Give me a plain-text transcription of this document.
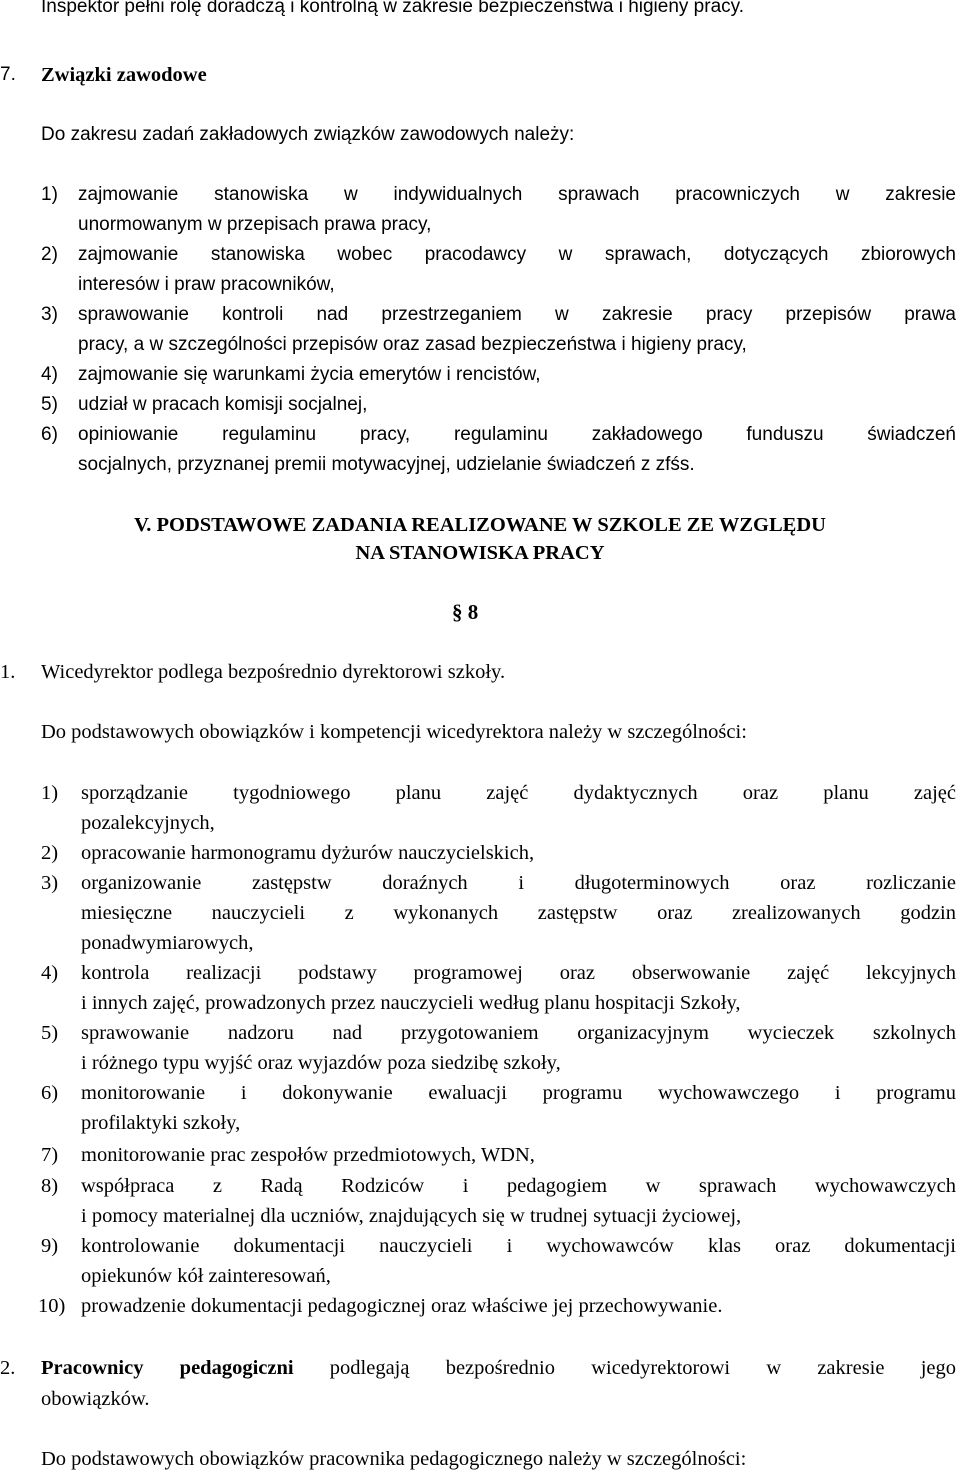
Inspektor pełni rolę doradczą i kontrolną w zakresie bezpieczeństwa i higieny pracy.
7. Związki zawodowe
Do zakresu zadań zakładowych związków zawodowych należy:
1) zajmowanie stanowiska w indywidualnych sprawach pracowniczych w zakresie
unormowanym w przepisach prawa pracy,
2) zajmowanie stanowiska wobec pracodawcy w sprawach, dotyczących zbiorowych
interesów i praw pracowników,
3) sprawowanie kontroli nad przestrzeganiem w zakresie pracy przepisów prawa
pracy, a w szczególności przepisów oraz zasad bezpieczeństwa i higieny pracy,
4) zajmowanie się warunkami życia emerytów i rencistów,
5) udział w pracach komisji socjalnej,
6) opiniowanie regulaminu pracy, regulaminu zakładowego funduszu świadczeń
socjalnych, przyznanej premii motywacyjnej, udzielanie świadczeń z zfśs.
V. PODSTAWOWE ZADANIA REALIZOWANE W SZKOLE ZE WZGLĘDU
NA STANOWISKA PRACY
§ 8
1. Wicedyrektor podlega bezpośrednio dyrektorowi szkoły.
Do podstawowych obowiązków i kompetencji wicedyrektora należy w szczególności:
1) sporządzanie tygodniowego planu zajęć dydaktycznych oraz planu zajęć
pozalekcyjnych,
2) opracowanie harmonogramu dyżurów nauczycielskich,
3) organizowanie zastępstw doraźnych i długoterminowych oraz rozliczanie
miesięczne nauczycieli z wykonanych zastępstw oraz zrealizowanych godzin
ponadwymiarowych,
4) kontrola realizacji podstawy programowej oraz obserwowanie zajęć lekcyjnych
i innych zajęć, prowadzonych przez nauczycieli według planu hospitacji Szkoły,
5) sprawowanie nadzoru nad przygotowaniem organizacyjnym wycieczek szkolnych
i różnego typu wyjść oraz wyjazdów poza siedzibę szkoły,
6) monitorowanie i dokonywanie ewaluacji programu wychowawczego i programu
profilaktyki szkoły,
7) monitorowanie prac zespołów przedmiotowych, WDN,
8) współpraca z Radą Rodziców i pedagogiem w sprawach wychowawczych
i pomocy materialnej dla uczniów, znajdujących się w trudnej sytuacji życiowej,
9) kontrolowanie dokumentacji nauczycieli i wychowawców klas oraz dokumentacji
opiekunów kół zainteresowań,
10) prowadzenie dokumentacji pedagogicznej oraz właściwe jej przechowywanie.
2. Pracownicy pedagogiczni podlegają bezpośrednio wicedyrektorowi w zakresie jego
obowiązków.
Do podstawowych obowiązków pracownika pedagogicznego należy w szczególności:
